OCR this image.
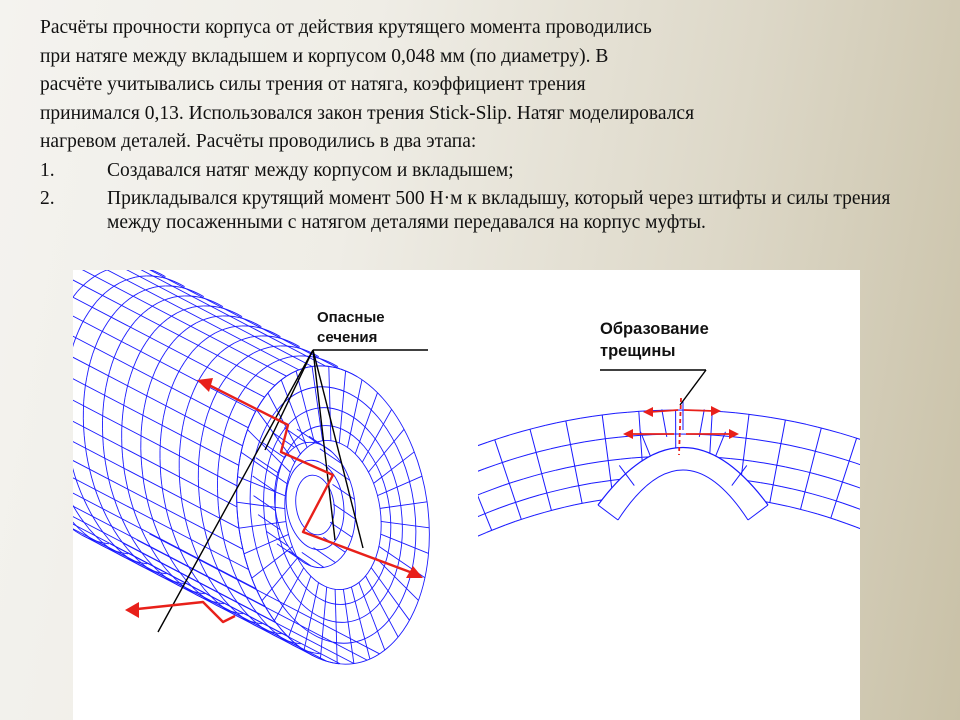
Расчёты прочности корпуса от действия крутящего момента проводились
при натяге между вкладышем и корпусом 0,048 мм (по диаметру). В
расчёте учитывались силы трения от натяга, коэффициент трения
принимался 0,13. Использовался закон трения Stick-Slip. Натяг моделировался
нагревом деталей. Расчёты проводились в два этапа:
1.	Создавался натяг между корпусом и вкладышем;
2.	Прикладывался крутящий момент 500 Н·м к вкладышу, который через штифты и силы трения между посаженными с натягом деталями передавался на корпус муфты.
Опасные
сечения	Образование
трещины
